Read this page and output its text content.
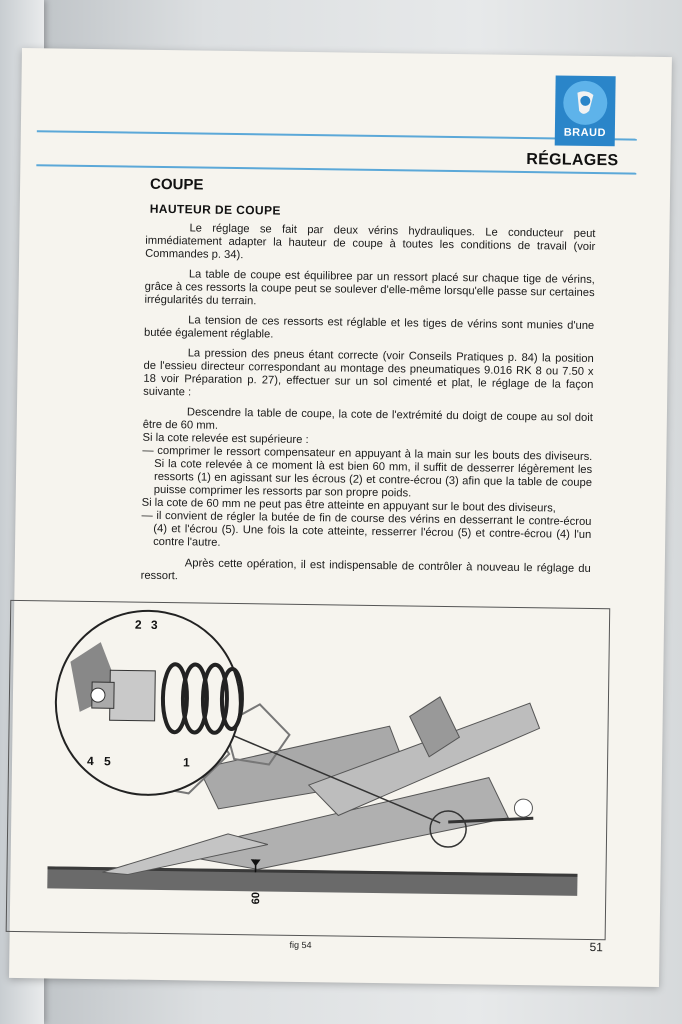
BRAUD
RÉGLAGES
COUPE
HAUTEUR DE COUPE

Le réglage se fait par deux vérins hydrauliques. Le conducteur peut immédiatement adapter la hauteur de coupe à toutes les conditions de travail (voir Commandes p. 34).

La table de coupe est équilibree par un ressort placé sur chaque tige de vérins, grâce à ces ressorts la coupe peut se soulever d'elle-même lorsqu'elle passe sur certaines irrégularités du terrain.

La tension de ces ressorts est réglable et les tiges de vérins sont munies d'une butée également réglable.

La pression des pneus étant correcte (voir Conseils Pratiques p. 84) la position de l'essieu directeur correspondant au montage des pneumatiques 9.016 RK 8 ou 7.50 x 18 voir Préparation p. 27), effectuer sur un sol cimenté et plat, le réglage de la façon suivante :

Descendre la table de coupe, la cote de l'extrémité du doigt de coupe au sol doit être de 60 mm.

Si la cote relevée est supérieure :

— comprimer le ressort compensateur en appuyant à la main sur les bouts des diviseurs. Si la cote relevée à ce moment là est bien 60 mm, il suffit de desserrer légèrement les ressorts (1) en agissant sur les écrous (2) et contre-écrou (3) afin que la table de coupe puisse comprimer les ressorts par son propre poids.

Si la cote de 60 mm ne peut pas être atteinte en appuyant sur le bout des diviseurs,

— il convient de régler la butée de fin de course des vérins en desserrant le contre-écrou (4) et l'écrou (5). Une fois la cote atteinte, resserrer l'écrou (5) et contre-écrou (4) l'un contre l'autre.

Après cette opération, il est indispensable de contrôler à nouveau le réglage du ressort.

2 3
4 5	1
60
fig 54	51
